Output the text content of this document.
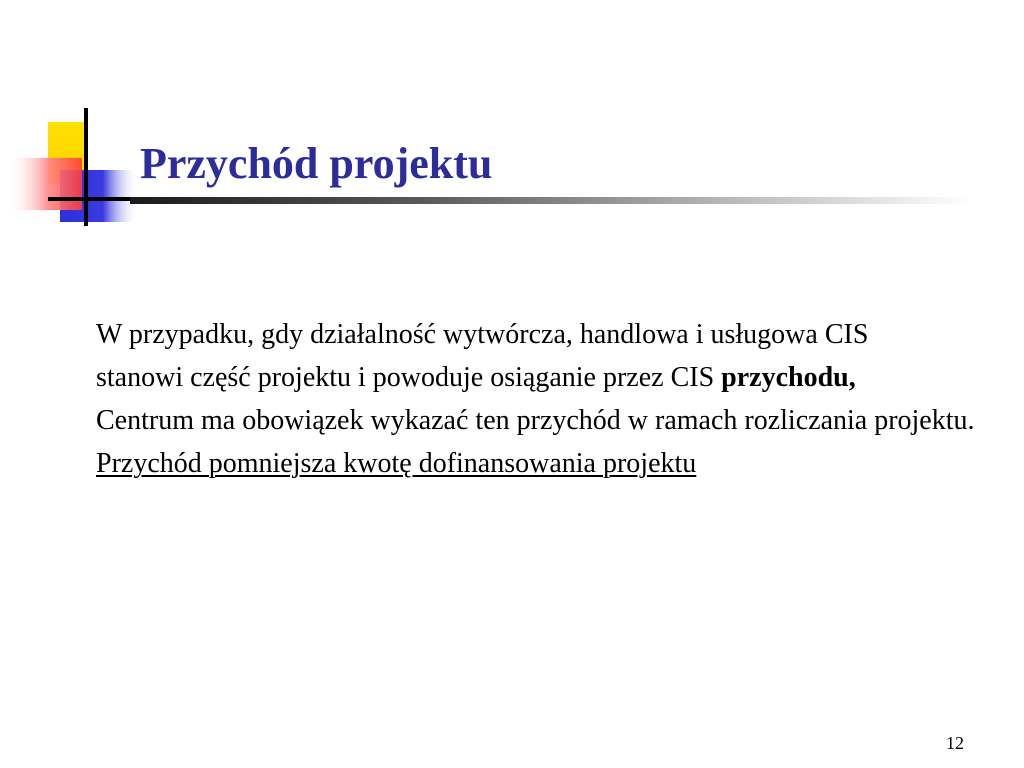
Przychód projektu

W przypadku, gdy działalność wytwórcza, handlowa i usługowa CIS

stanowi część projektu i powoduje osiąganie przez CIS przychodu,

Centrum ma obowiązek wykazać ten przychód w ramach rozliczania projektu.

Przychód pomniejsza kwotę dofinansowania projektu

12
